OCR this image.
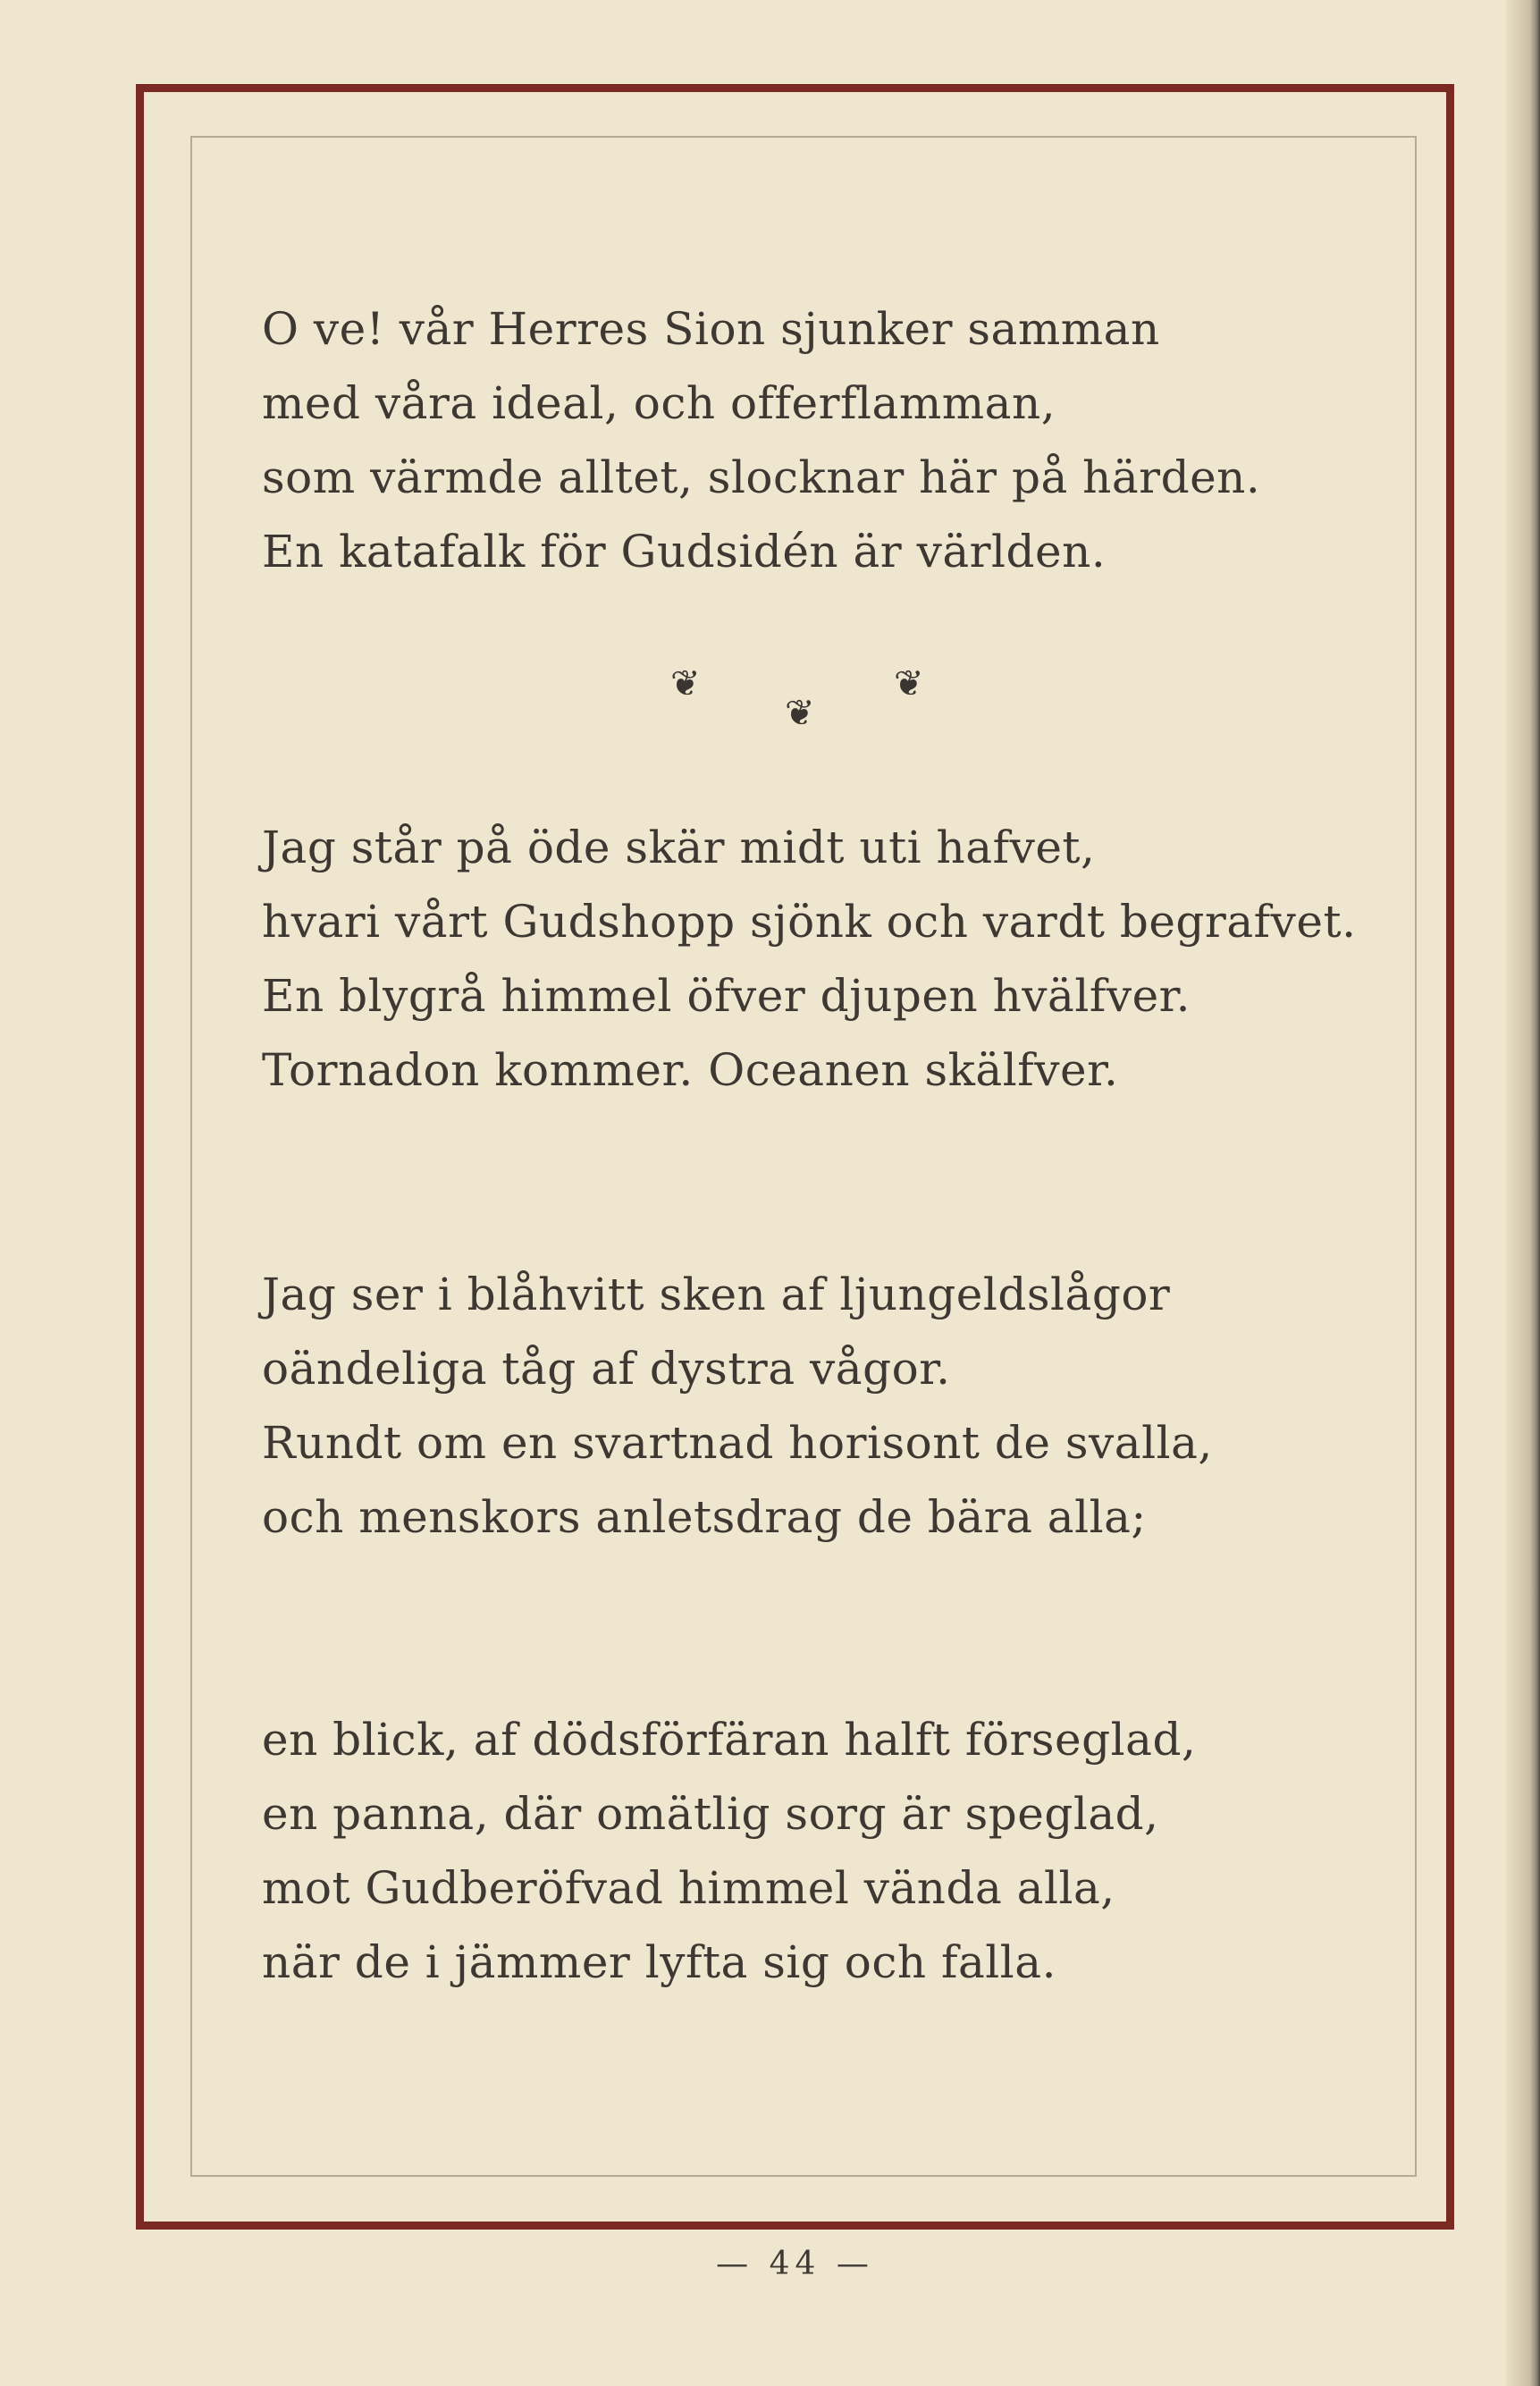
O ve! vår Herres Sion sjunker samman
med våra ideal, och offerflamman,
som värmde alltet, slocknar här på härden.
En katafalk för Gudsidén är världen.
❦
❦
❦
Jag står på öde skär midt uti hafvet,
hvari vårt Gudshopp sjönk och vardt begrafvet.
En blygrå himmel öfver djupen hvälfver.
Tornadon kommer. Oceanen skälfver.
Jag ser i blåhvitt sken af ljungeldslågor
oändeliga tåg af dystra vågor.
Rundt om en svartnad horisont de svalla,
och menskors anletsdrag de bära alla;
en blick, af dödsförfäran halft förseglad,
en panna, där omätlig sorg är speglad,
mot Gudberöfvad himmel vända alla,
när de i jämmer lyfta sig och falla.
— 44 —
